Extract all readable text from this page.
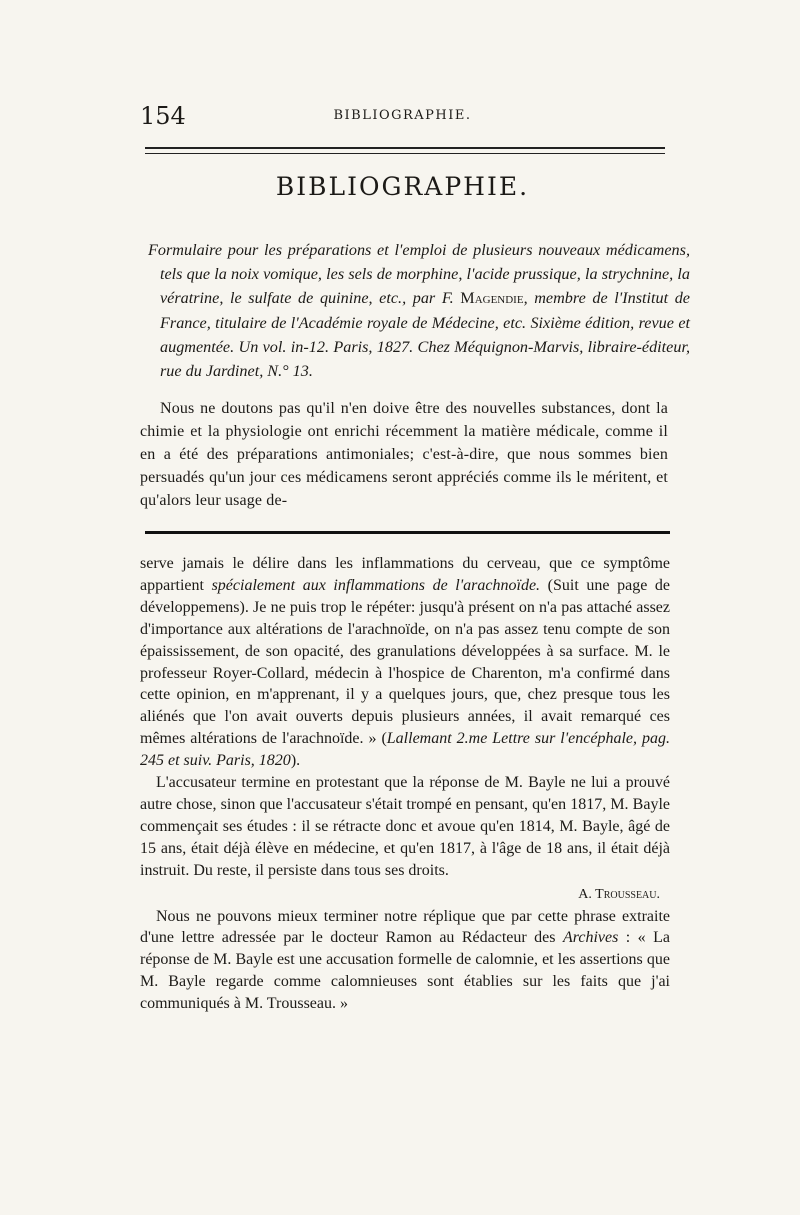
154	BIBLIOGRAPHIE.
BIBLIOGRAPHIE.
Formulaire pour les préparations et l'emploi de plusieurs nouveaux médicamens, tels que la noix vomique, les sels de morphine, l'acide prussique, la strychnine, la vératrine, le sulfate de quinine, etc., par F. Magendie, membre de l'Institut de France, titulaire de l'Académie royale de Médecine, etc. Sixième édition, revue et augmentée. Un vol. in-12. Paris, 1827. Chez Méquignon-Marvis, libraire-éditeur, rue du Jardinet, N.° 13.
Nous ne doutons pas qu'il n'en doive être des nouvelles substances, dont la chimie et la physiologie ont enrichi récemment la matière médicale, comme il en a été des préparations antimoniales; c'est-à-dire, que nous sommes bien persuadés qu'un jour ces médicamens seront appréciés comme ils le méritent, et qu'alors leur usage de-

serve jamais le délire dans les inflammations du cerveau, que ce symptôme appartient spécialement aux inflammations de l'arachnoïde. (Suit une page de développemens). Je ne puis trop le répéter: jusqu'à présent on n'a pas attaché assez d'importance aux altérations de l'arachnoïde, on n'a pas assez tenu compte de son épaississement, de son opacité, des granulations développées à sa surface. M. le professeur Royer-Collard, médecin à l'hospice de Charenton, m'a confirmé dans cette opinion, en m'apprenant, il y a quelques jours, que, chez presque tous les aliénés que l'on avait ouverts depuis plusieurs années, il avait remarqué ces mêmes altérations de l'arachnoïde. » (Lallemant 2.me Lettre sur l'encéphale, pag. 245 et suiv. Paris, 1820).

L'accusateur termine en protestant que la réponse de M. Bayle ne lui a prouvé autre chose, sinon que l'accusateur s'était trompé en pensant, qu'en 1817, M. Bayle commençait ses études : il se rétracte donc et avoue qu'en 1814, M. Bayle, âgé de 15 ans, était déjà élève en médecine, et qu'en 1817, à l'âge de 18 ans, il était déjà instruit. Du reste, il persiste dans tous ses droits.

A. Trousseau.

Nous ne pouvons mieux terminer notre réplique que par cette phrase extraite d'une lettre adressée par le docteur Ramon au Rédacteur des Archives : « La réponse de M. Bayle est une accusation formelle de calomnie, et les assertions que M. Bayle regarde comme calomnieuses sont établies sur les faits que j'ai communiqués à M. Trousseau. »
